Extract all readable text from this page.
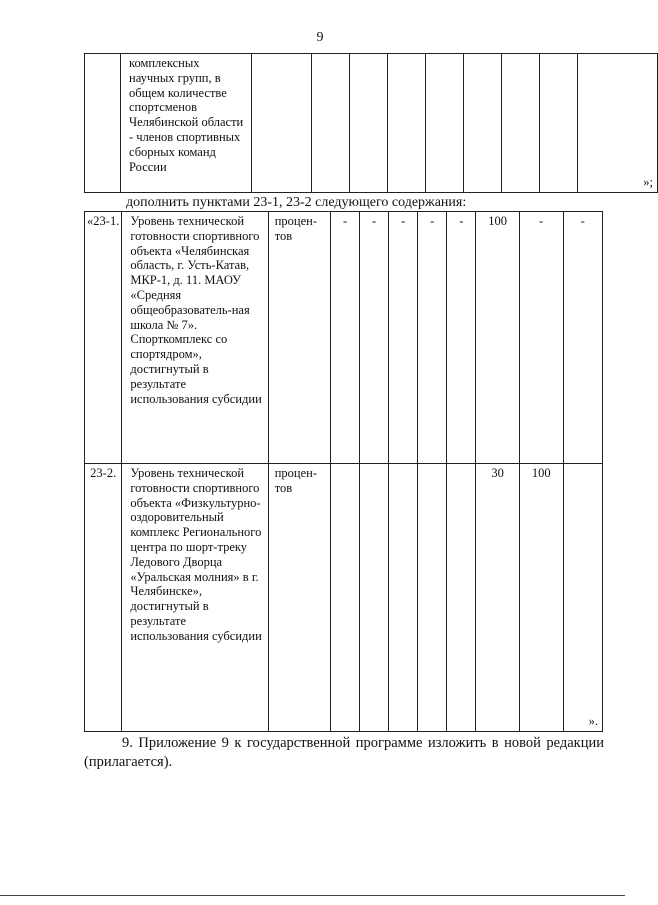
9
	комплексных научных групп, в общем количестве спортсменов Челябинской области - членов спортивных сборных команд России									»;
дополнить пунктами 23-1, 23-2 следующего содержания:
«23-1.	Уровень технической готовности спортивного объекта «Челябинская область, г. Усть-Катав, МКР-1, д. 11. МАОУ «Средняя общеобразователь-ная школа № 7». Спорткомплекс со спортядром», достигнутый в результате использования субсидии	процен-тов	-	-	-	-	-	100	-	-
23-2.	Уровень технической готовности спортивного объекта «Физкультурно-оздоровительный комплекс Регионального центра по шорт-треку Ледового Дворца «Уральская молния» в г. Челябинске», достигнутый в результате использования субсидии	процен-тов						30	100	».
9. Приложение 9 к государственной программе изложить в новой редакции (прилагается).
